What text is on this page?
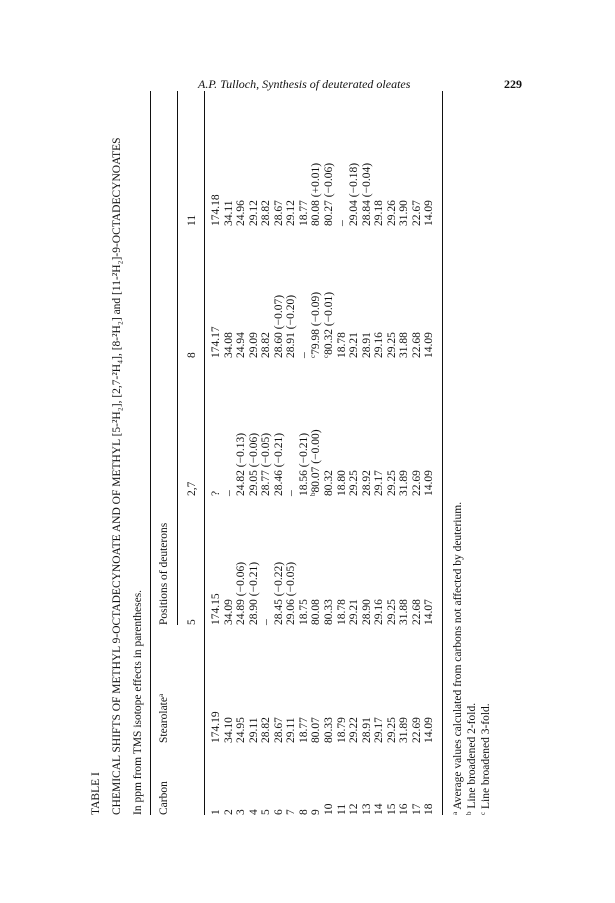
A.P. Tulloch, Synthesis of deuterated oleates	229
TABLE I CHEMICAL SHIFTS OF METHYL 9-OCTADECYNOATE AND OF METHYL [5-²H₂], [2,7-²H₄], [8-²H₂] and [11-²H₂]-9-OCTADECYNOATES In ppm from TMS isotope effects in parentheses. Carbon
Stearolate$^a$
Positions of deuterons 5
2,7
8
11
1
174.19
174.15
?
174.17
174.18
2
34.10
34.09
–
34.08
34.11
3
24.95
24.89 (−0.06)
24.82 (−0.13)
24.94
24.96
4
29.11
28.90 (−0.21)
29.05 (−0.06)
29.09
29.12
5
28.82
–
28.77 (−0.05)
28.82
28.82
6
28.67
28.45 (−0.22)
28.46 (−0.21)
28.60 (−0.07)
28.67
7
29.11
29.06 (−0.05)
–
28.91 (−0.20)
29.12
8
18.77
18.75
18.56 (−0.21)
–
18.77
9
80.07
80.08
$^b$80.07 (−0.00)
$^c$79.98 (−0.09)
80.08 (+0.01)
10
80.33
80.33
80.32
$^c$80.32 (−0.01)
80.27 (−0.06)
11
18.79
18.78
18.80
18.78
–
12
29.22
29.21
29.25
29.21
29.04 (−0.18)
13
28.91
28.90
28.92
28.91
28.84 (−0.04)
14
29.17
29.16
29.17
29.16
29.18
15
29.25
29.25
29.25
29.25
29.26
16
31.89
31.88
31.89
31.88
31.90
17
22.69
22.68
22.69
22.68
22.67
18
14.09
14.07
14.09
14.09
14.09
$^a$ Average values calculated from carbons not affected by deuterium.
$^b$ Line broadened 2-fold.
$^c$ Line broadened 3-fold.
